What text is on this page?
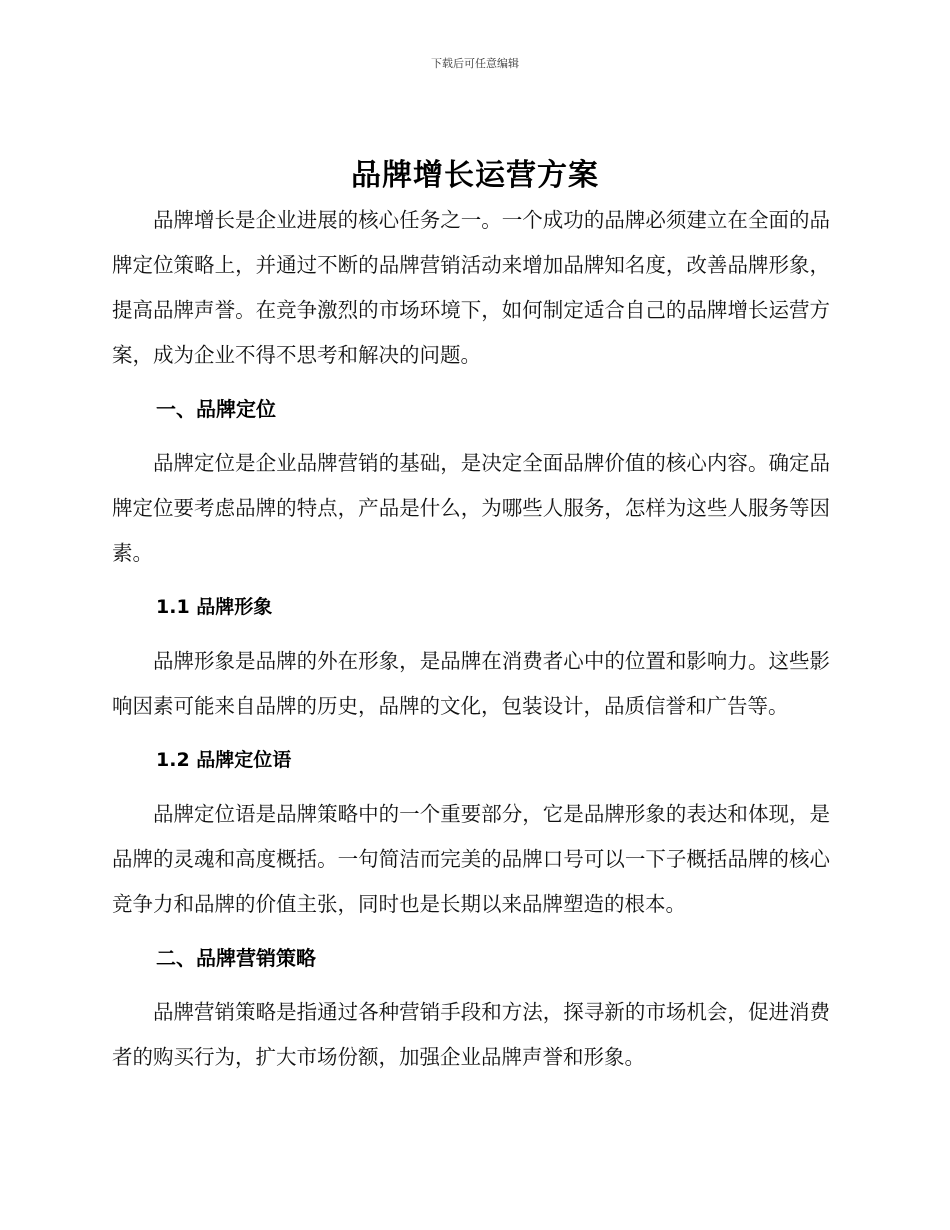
下载后可任意编辑
品牌增长运营方案

品牌增长是企业进展的核心任务之一。一个成功的品牌必须建立在全面的品牌定位策略上，并通过不断的品牌营销活动来增加品牌知名度，改善品牌形象，提高品牌声誉。在竞争激烈的市场环境下，如何制定适合自己的品牌增长运营方案，成为企业不得不思考和解决的问题。

一、品牌定位

品牌定位是企业品牌营销的基础，是决定全面品牌价值的核心内容。确定品牌定位要考虑品牌的特点，产品是什么，为哪些人服务，怎样为这些人服务等因素。

1.1 品牌形象

品牌形象是品牌的外在形象，是品牌在消费者心中的位置和影响力。这些影响因素可能来自品牌的历史，品牌的文化，包装设计，品质信誉和广告等。

1.2 品牌定位语

品牌定位语是品牌策略中的一个重要部分，它是品牌形象的表达和体现，是品牌的灵魂和高度概括。一句简洁而完美的品牌口号可以一下子概括品牌的核心竞争力和品牌的价值主张，同时也是长期以来品牌塑造的根本。

二、品牌营销策略

品牌营销策略是指通过各种营销手段和方法，探寻新的市场机会，促进消费者的购买行为，扩大市场份额，加强企业品牌声誉和形象。
